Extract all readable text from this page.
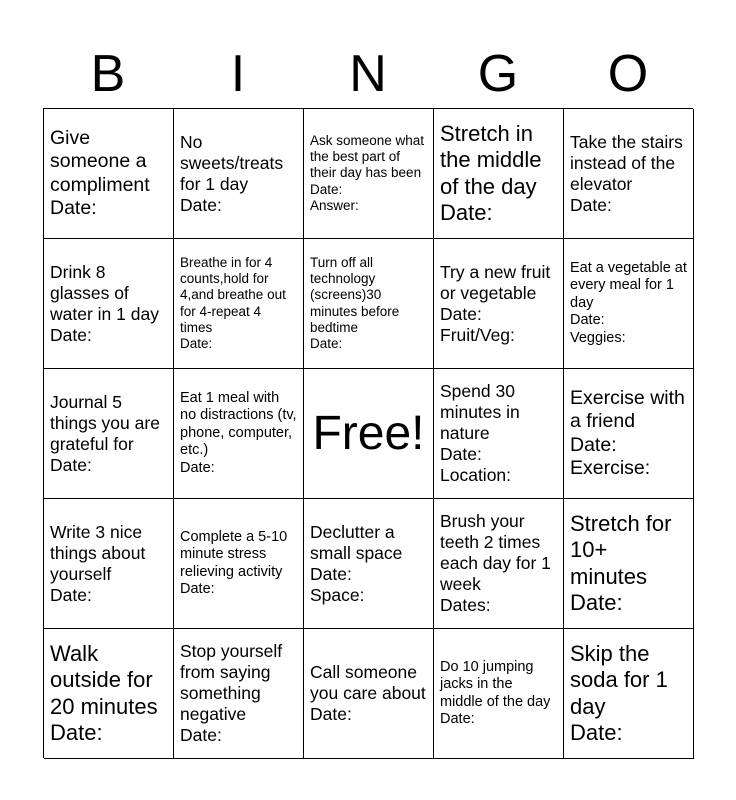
B	I	N	G	O
Give someone a compliment
Date:
No sweets/treats for 1 day
Date:
Ask someone what the best part of their day has been
Date:
Answer:
Stretch in the middle of the day
Date:
Take the stairs instead of the elevator
Date:
Drink 8 glasses of water in 1 day
Date:
Breathe in for 4 counts,hold for 4,and breathe out for 4-repeat 4 times
Date:
Turn off all technology (screens)30 minutes before bedtime
Date:
Try a new fruit or vegetable
Date:
Fruit/Veg:
Eat a vegetable at every meal for 1 day
Date:
Veggies:
Journal 5 things you are grateful for
Date:
Eat 1 meal with no distractions (tv, phone, computer, etc.)
Date:
Free!
Spend 30 minutes in nature
Date:
Location:
Exercise with a friend
Date:
Exercise:
Write 3 nice things about yourself
Date:
Complete a 5-10 minute stress relieving activity
Date:
Declutter a small space
Date:
Space:
Brush your teeth 2 times each day for 1 week
Dates:
Stretch for 10+ minutes
Date:
Walk outside for 20 minutes
Date:
Stop yourself from saying something negative
Date:
Call someone you care about
Date:
Do 10 jumping jacks in the middle of the day
Date:
Skip the soda for 1 day
Date:
